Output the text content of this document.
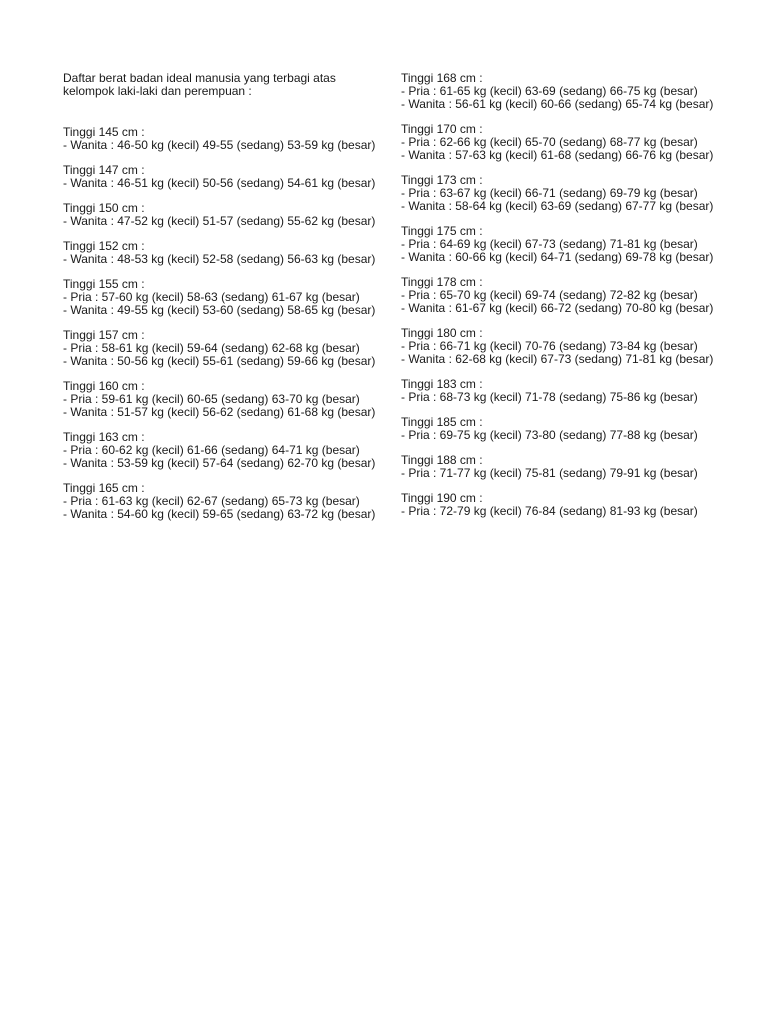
Daftar berat badan ideal manusia yang terbagi atas kelompok laki-laki dan perempuan :
Tinggi 145 cm :
- Wanita : 46-50 kg (kecil) 49-55 (sedang) 53-59 kg (besar)
Tinggi 147 cm :
- Wanita : 46-51 kg (kecil) 50-56 (sedang) 54-61 kg (besar)
Tinggi 150 cm :
- Wanita : 47-52 kg (kecil) 51-57 (sedang) 55-62 kg (besar)
Tinggi 152 cm :
- Wanita : 48-53 kg (kecil) 52-58 (sedang) 56-63 kg (besar)
Tinggi 155 cm :
- Pria : 57-60 kg (kecil) 58-63 (sedang) 61-67 kg (besar)
- Wanita : 49-55 kg (kecil) 53-60 (sedang) 58-65 kg (besar)
Tinggi 157 cm :
- Pria : 58-61 kg (kecil) 59-64 (sedang) 62-68 kg (besar)
- Wanita : 50-56 kg (kecil) 55-61 (sedang) 59-66 kg (besar)
Tinggi 160 cm :
- Pria : 59-61 kg (kecil) 60-65 (sedang) 63-70 kg (besar)
- Wanita : 51-57 kg (kecil) 56-62 (sedang) 61-68 kg (besar)
Tinggi 163 cm :
- Pria : 60-62 kg (kecil) 61-66 (sedang) 64-71 kg (besar)
- Wanita : 53-59 kg (kecil) 57-64 (sedang) 62-70 kg (besar)
Tinggi 165 cm :
- Pria : 61-63 kg (kecil) 62-67 (sedang) 65-73 kg (besar)
- Wanita : 54-60 kg (kecil) 59-65 (sedang) 63-72 kg (besar)
Tinggi 168 cm :
- Pria : 61-65 kg (kecil) 63-69 (sedang) 66-75 kg (besar)
- Wanita : 56-61 kg (kecil) 60-66 (sedang) 65-74 kg (besar)
Tinggi 170 cm :
- Pria : 62-66 kg (kecil) 65-70 (sedang) 68-77 kg (besar)
- Wanita : 57-63 kg (kecil) 61-68 (sedang) 66-76 kg (besar)
Tinggi 173 cm :
- Pria : 63-67 kg (kecil) 66-71 (sedang) 69-79 kg (besar)
- Wanita : 58-64 kg (kecil) 63-69 (sedang) 67-77 kg (besar)
Tinggi 175 cm :
- Pria : 64-69 kg (kecil) 67-73 (sedang) 71-81 kg (besar)
- Wanita : 60-66 kg (kecil) 64-71 (sedang) 69-78 kg (besar)
Tinggi 178 cm :
- Pria : 65-70 kg (kecil) 69-74 (sedang) 72-82 kg (besar)
- Wanita : 61-67 kg (kecil) 66-72 (sedang) 70-80 kg (besar)
Tinggi 180 cm :
- Pria : 66-71 kg (kecil) 70-76 (sedang) 73-84 kg (besar)
- Wanita : 62-68 kg (kecil) 67-73 (sedang) 71-81 kg (besar)
Tinggi 183 cm :
- Pria : 68-73 kg (kecil) 71-78 (sedang) 75-86 kg (besar)
Tinggi 185 cm :
- Pria : 69-75 kg (kecil) 73-80 (sedang) 77-88 kg (besar)
Tinggi 188 cm :
- Pria : 71-77 kg (kecil) 75-81 (sedang) 79-91 kg (besar)
Tinggi 190 cm :
- Pria : 72-79 kg (kecil) 76-84 (sedang) 81-93 kg (besar)
